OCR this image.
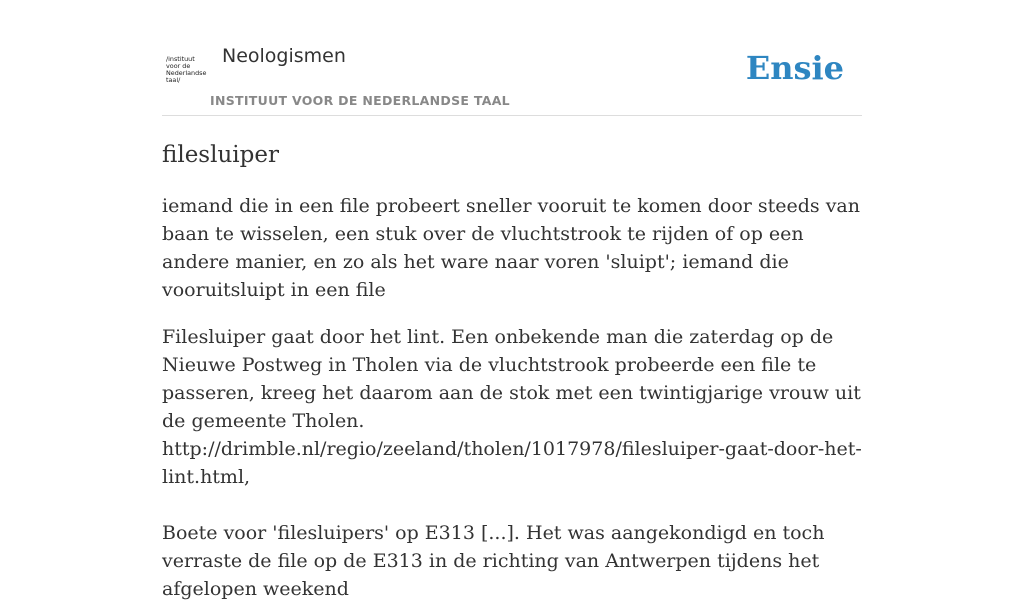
/instituut
voor de
Nederlandse
taal/
Neologismen
INSTITUUT VOOR DE NEDERLANDSE TAAL
Ensie
filesluiper

iemand die in een file probeert sneller vooruit te komen door steeds van baan te wisselen, een stuk over de vluchtstrook te rijden of op een andere manier, en zo als het ware naar voren 'sluipt'; iemand die vooruitsluipt in een file

Filesluiper gaat door het lint. Een onbekende man die zaterdag op de Nieuwe Postweg in Tholen via de vluchtstrook probeerde een file te passeren, kreeg het daarom aan de stok met een twintigjarige vrouw uit de gemeente Tholen.
http://drimble.nl/regio/zeeland/tholen/1017978/filesluiper-gaat-door-het-lint.html,
Boete voor 'filesluipers' op E313 [...]. Het was aangekondigd en toch verraste de file op de E313 in de richting van Antwerpen tijdens het afgelopen weekend
